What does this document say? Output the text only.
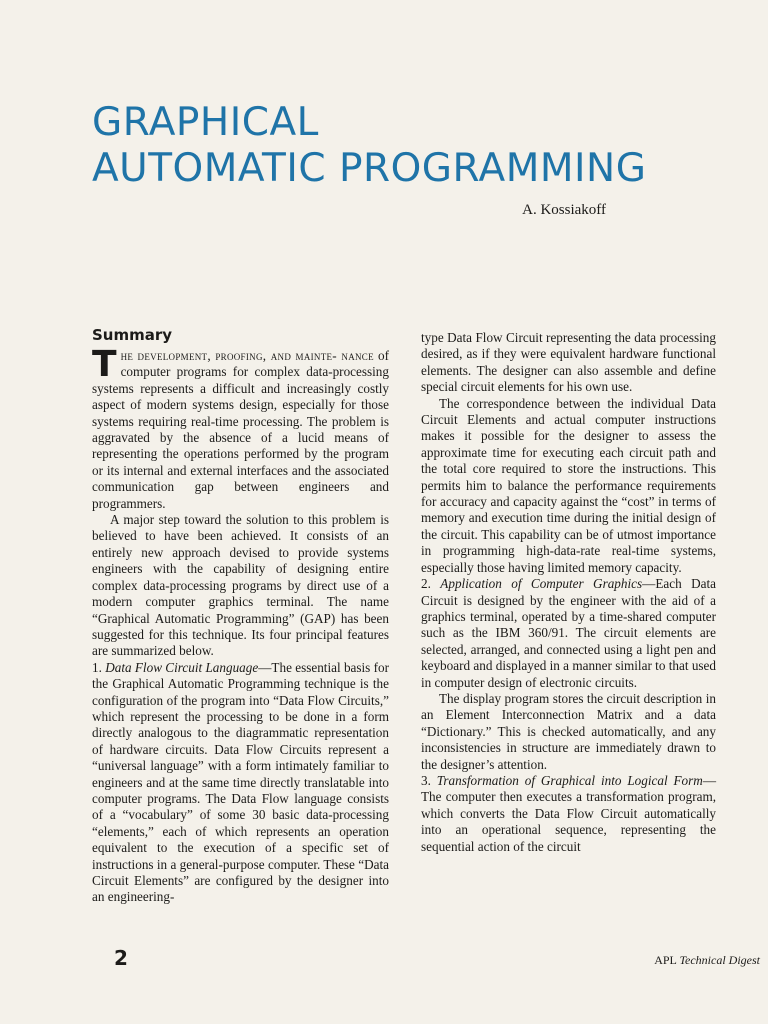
GRAPHICAL
AUTOMATIC PROGRAMMING
A. Kossiakoff
Summary

The development, proofing, and mainte- nance of computer programs for complex data-processing systems represents a difficult and increasingly costly aspect of modern systems design, especially for those systems requiring real-time processing. The problem is aggravated by the absence of a lucid means of representing the operations performed by the program or its internal and external interfaces and the associated communication gap between engineers and programmers.

A major step toward the solution to this problem is believed to have been achieved. It consists of an entirely new approach devised to provide systems engineers with the capability of designing entire complex data-processing programs by direct use of a modern computer graphics terminal. The name “Graphical Automatic Programming” (GAP) has been suggested for this technique. Its four principal features are summarized below.

1. Data Flow Circuit Language—The essential basis for the Graphical Automatic Programming technique is the configuration of the program into “Data Flow Circuits,” which represent the processing to be done in a form directly analogous to the diagrammatic representation of hardware circuits. Data Flow Circuits represent a “universal language” with a form intimately familiar to engineers and at the same time directly translatable into computer programs. The Data Flow language consists of a “vocabulary” of some 30 basic data-processing “elements,” each of which represents an operation equivalent to the execution of a specific set of instructions in a general-purpose computer. These “Data Circuit Elements” are configured by the designer into an engineering-

type Data Flow Circuit representing the data processing desired, as if they were equivalent hardware functional elements. The designer can also assemble and define special circuit elements for his own use.

The correspondence between the individual Data Circuit Elements and actual computer instructions makes it possible for the designer to assess the approximate time for executing each circuit path and the total core required to store the instructions. This permits him to balance the performance requirements for accuracy and capacity against the “cost” in terms of memory and execution time during the initial design of the circuit. This capability can be of utmost importance in programming high-data-rate real-time systems, especially those having limited memory capacity.

2. Application of Computer Graphics—Each Data Circuit is designed by the engineer with the aid of a graphics terminal, operated by a time-shared computer such as the IBM 360/91. The circuit elements are selected, arranged, and connected using a light pen and keyboard and displayed in a manner similar to that used in computer design of electronic circuits.

The display program stores the circuit description in an Element Interconnection Matrix and a data “Dictionary.” This is checked automatically, and any inconsistencies in structure are immediately drawn to the designer’s attention.

3. Transformation of Graphical into Logical Form—The computer then executes a transformation program, which converts the Data Flow Circuit automatically into an operational sequence, representing the sequential action of the circuit

2	APL Technical Digest
